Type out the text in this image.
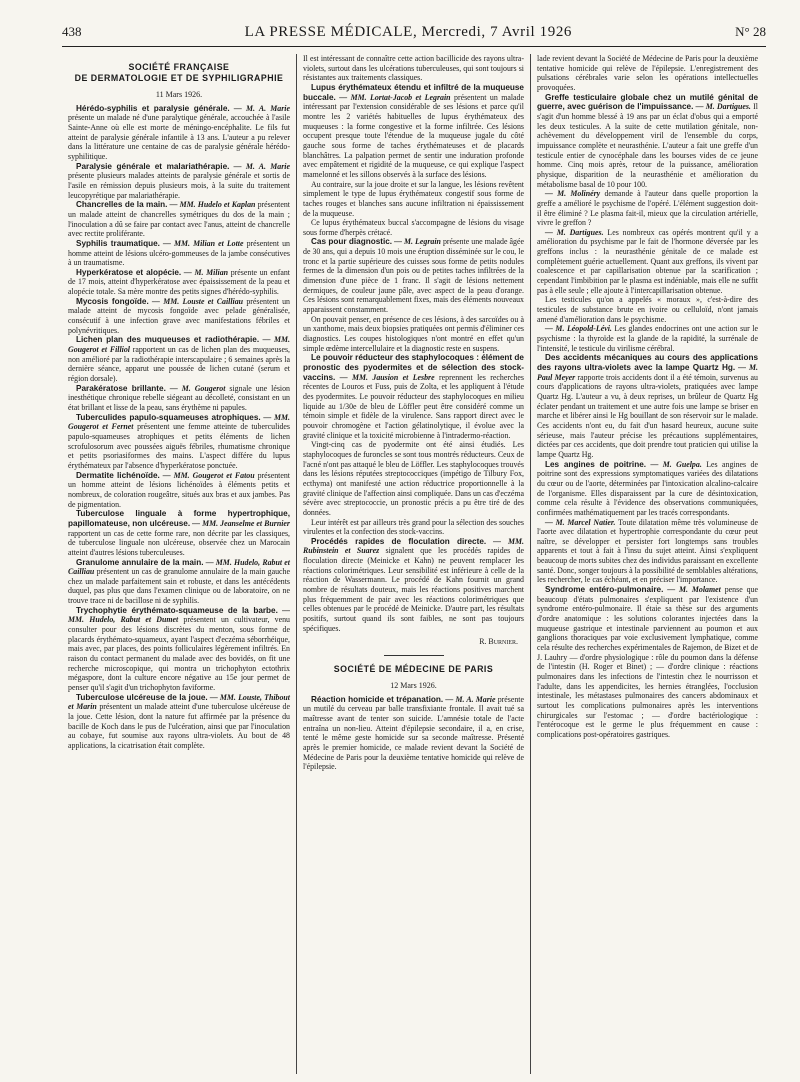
438	LA PRESSE MÉDICALE, Mercredi, 7 Avril 1926	N° 28
SOCIÉTÉ FRANÇAISE
DE DERMATOLOGIE ET DE SYPHILIGRAPHIE
11 Mars 1926.

Hérédo-syphilis et paralysie générale. — M. A. Marie présente un malade né d'une paralytique générale, accouchée à l'asile Sainte-Anne où elle est morte de méningo-encéphalite. Le fils fut atteint de paralysie générale infantile à 13 ans. L'auteur a pu relever dans la littérature une centaine de cas de paralysie générale hérédo-syphilitique.

Paralysie générale et malariathérapie. — M. A. Marie présente plusieurs malades atteints de paralysie générale et sortis de l'asile en rémission depuis plusieurs mois, à la suite du traitement leucopyrétique par malariathérapie.

Chancrelles de la main. — MM. Hudelo et Kaplan présentent un malade atteint de chancrelles symétriques du dos de la main ; l'inoculation a dû se faire par contact avec l'anus, atteint de chancrelle avec rectite proliférante.

Syphilis traumatique. — MM. Milian et Lotte présentent un homme atteint de lésions ulcéro-gommeuses de la jambe consécutives à un traumatisme.

Hyperkératose et alopécie. — M. Milian présente un enfant de 17 mois, atteint d'hyperkératose avec épaississement de la peau et alopécie totale. Sa mère montre des petits signes d'hérédo-syphilis.

Mycosis fongoïde. — MM. Louste et Cailliau présentent un malade atteint de mycosis fongoïde avec pelade généralisée, consécutif à une infection grave avec manifestations fébriles et polynévritiques.

Lichen plan des muqueuses et radiothérapie. — MM. Gougerot et Filliol rapportent un cas de lichen plan des muqueuses, non amélioré par la radiothérapie interscapulaire ; 6 semaines après la dernière séance, apparut une poussée de lichen cutané (serum et région dorsale).

Parakératose brillante. — M. Gougerot signale une lésion inesthétique chronique rebelle siégeant au décolleté, consistant en un état brillant et lisse de la peau, sans érythème ni papules.

Tuberculides papulo-squameuses atrophiques. — MM. Gougerot et Fernet présentent une femme atteinte de tuberculides papulo-squameuses atrophiques et petits éléments de lichen scrofulosorum avec poussées aiguës fébriles, rhumatisme chronique et petits psoriasiformes des mains. L'aspect différe du lupus érythémateux par l'absence d'hyperkératose ponctuée.

Dermatite lichénoïde. — MM. Gougerot et Fatou présentent un homme atteint de lésions lichénoïdes à éléments petits et nombreux, de coloration rougeâtre, situés aux bras et aux jambes. Pas de pigmentation.

Tuberculose linguale à forme hypertrophique, papillomateuse, non ulcéreuse. — MM. Jeanselme et Burnier rapportent un cas de cette forme rare, non décrite par les classiques, de tuberculose linguale non ulcéreuse, observée chez un Marocain atteint d'autres lésions tuberculeuses.

Granulome annulaire de la main. — MM. Hudelo, Rabut et Cailliau présentent un cas de granulome annulaire de la main gauche chez un malade parfaitement sain et robuste, et dans les antécédents duquel, pas plus que dans l'examen clinique ou de laboratoire, on ne trouve trace ni de bacillose ni de syphilis.

Trychophytie érythémato-squameuse de la barbe. — MM. Hudelo, Rabut et Dumet présentent un cultivateur, venu consulter pour des lésions discrètes du menton, sous forme de placards érythémato-squameux, ayant l'aspect d'eczéma séborrhéique, mais avec, par places, des points folliculaires légèrement infiltrés. En raison du contact permanent du malade avec des bovidés, on fit une recherche microscopique, qui montra un trichophyton ectothrix mégaspore, dont la culture encore négative au 15e jour permet de penser qu'il s'agit d'un trichophyton faviforme.

Tuberculose ulcéreuse de la joue. — MM. Louste, Thibout et Marin présentent un malade atteint d'une tuberculose ulcéreuse de la joue. Cette lésion, dont la nature fut affirmée par la présence du bacille de Koch dans le pus de l'ulcération, ainsi que par l'inoculation au cobaye, fut soumise aux rayons ultra-violets. Au bout de 48 applications, la cicatrisation était complète.

Il est intéressant de connaître cette action bacillicide des rayons ultra-violets, surtout dans les ulcérations tuberculeuses, qui sont toujours si résistantes aux traitements classiques.

Lupus érythémateux étendu et infiltré de la muqueuse buccale. — MM. Lortat-Jacob et Legrain présentent un malade intéressant par l'extension considérable de ses lésions et parce qu'il montre les 2 variétés habituelles de lupus érythémateux des muqueuses : la forme congestive et la forme infiltrée. Ces lésions occupent presque toute l'étendue de la muqueuse jugale du côté gauche sous forme de taches érythémateuses et de placards blanchâtres. La palpation permet de sentir une induration profonde avec empâtement et rigidité de la muqueuse, ce qui explique l'aspect mamelonné et les sillons observés à la surface des lésions.

Au contraire, sur la joue droite et sur la langue, les lésions revêtent simplement le type de lupus érythémateux congestif sous forme de taches rouges et blanches sans aucune infiltration ni épaississement de la muqueuse.

Ce lupus érythémateux buccal s'accompagne de lésions du visage sous forme d'herpès crétacé.

Cas pour diagnostic. — M. Legrain présente une malade âgée de 30 ans, qui a depuis 10 mois une éruption disséminée sur le cou, le tronc et la partie supérieure des cuisses sous forme de petits nodules fermes de la dimension d'un pois ou de petites taches infiltrées de la dimension d'une pièce de 1 franc. Il s'agit de lésions nettement dermiques, de couleur jaune pâle, avec aspect de la peau d'orange. Ces lésions sont remarquablement fixes, mais des éléments nouveaux apparaissent constamment.

On pouvait penser, en présence de ces lésions, à des sarcoïdes ou à un xanthome, mais deux biopsies pratiquées ont permis d'éliminer ces diagnostics. Les coupes histologiques n'ont montré en effet qu'un simple œdème intercellulaire et la diagnostic reste en suspens.

Le pouvoir réducteur des staphylocoques : élément de pronostic des pyodermites et de sélection des stock-vaccins. — MM. Jausion et Lesbre reprennent les recherches récentes de Louros et Fuss, puis de Zolta, et les appliquent à l'étude des pyodermites. Le pouvoir réducteur des staphylocoques en milieu liquide au 1/30e de bleu de Löffler peut être considéré comme un témoin simple et fidèle de la virulence. Sans rapport direct avec le pouvoir chromogène et l'action gélatinolytique, il évolue avec la gravité clinique et la toxicité microbienne à l'intradermo-réaction.

Vingt-cinq cas de pyodermite ont été ainsi étudiés. Les staphylocoques de furoncles se sont tous montrés réducteurs. Ceux de l'acné n'ont pas attaqué le bleu de Löffler. Les staphylocoques trouvés dans les lésions réputées streptococciques (impétigo de Tilbury Fox, ecthyma) ont manifesté une action réductrice proportionnelle à la gravité clinique de l'affection ainsi compliquée. Dans un cas d'eczéma sévère avec streptococcie, un pronostic précis a pu être tiré de des données.

Leur intérêt est par ailleurs très grand pour la sélection des souches virulentes et la confection des stock-vaccins.

Procédés rapides de floculation directe. — MM. Rubinstein et Suarez signalent que les procédés rapides de floculation directe (Meinicke et Kahn) ne peuvent remplacer les réactions colorimétriques. Leur sensibilité est inférieure à celle de la réaction de Wassermann. Le procédé de Kahn fournit un grand nombre de résultats douteux, mais les réactions positives marchent plus fréquemment de pair avec les réactions colorimétriques que celles obtenues par le procédé de Meinicke. D'autre part, les résultats positifs, surtout quand ils sont faibles, ne sont pas toujours spécifiques.

R. Burnier.
SOCIÉTÉ DE MÉDECINE DE PARIS
12 Mars 1926.

Réaction homicide et trépanation. — M. A. Marie présente un mutilé du cerveau par balle transfixiante frontale. Il avait tué sa maîtresse avant de tenter son suicide. L'amnésie totale de l'acte entraîna un non-lieu. Atteint d'épilepsie secondaire, il a, en crise, tenté le même geste homicide sur sa seconde maîtresse. Présenté après le premier homicide, ce malade revient devant la Société de Médecine de Paris pour la deuxième tentative homicide qui relève de l'épilepsie.

lade revient devant la Société de Médecine de Paris pour la deuxième tentative homicide qui relève de l'épilepsie. L'enregistrement des pulsations cérébrales varie selon les opérations intellectuelles provoquées.

Greffe testiculaire globale chez un mutilé génital de guerre, avec guérison de l'impuissance. — M. Dartigues. Il s'agit d'un homme blessé à 19 ans par un éclat d'obus qui a emporté les deux testicules. A la suite de cette mutilation génitale, non-achèvement du développement viril de l'ensemble du corps, impuissance complète et neurasthénie. L'auteur a fait une greffe d'un testicule entier de cynocéphale dans les bourses vides de ce jeune homme. Cinq mois après, retour de la puissance, amélioration physique, disparition de la neurasthénie et amélioration du métabolisme basal de 10 pour 100.

— M. Molinéry demande à l'auteur dans quelle proportion la greffe a amélioré le psychisme de l'opéré. L'élément suggestion doit-il être éliminé ? Le plasma fait-il, mieux que la circulation artérielle, vivre le greffon ?

— M. Dartigues. Les nombreux cas opérés montrent qu'il y a amélioration du psychisme par le fait de l'hormone déversée par les greffons inclus : la neurasthénie génitale de ce malade est complètement guérie actuellement. Quant aux greffons, ils vivent par coalescence et par capillarisation obtenue par la scarification ; cependant l'imbibition par le plasma est indéniable, mais elle ne suffit pas à elle seule ; elle ajoute à l'intercapillarisation obtenue.

Les testicules qu'on a appelés « moraux », c'est-à-dire des testicules de substance brute en ivoire ou celluloïd, n'ont jamais amené d'amélioration dans le psychisme.

— M. Léopold-Lévi. Les glandes endocrines ont une action sur le psychisme : la thyroïde est la glande de la rapidité, la surrénale de l'intensité, le testicule du virilisme cérébral.

Des accidents mécaniques au cours des applications des rayons ultra-violets avec la lampe Quartz Hg. — M. Paul Meyer rapporte trois accidents dont il a été témoin, survenus au cours d'applications de rayons ultra-violets, pratiquées avec lampe Quartz Hg. L'auteur a vu, à deux reprises, un brûleur de Quartz Hg éclater pendant un traitement et une autre fois une lampe se briser en marche et libérer ainsi le Hg bouillant de son réservoir sur le malade. Ces accidents n'ont eu, du fait d'un hasard heureux, aucune suite sérieuse, mais l'auteur précise les précautions supplémentaires, dictées par ces accidents, que doit prendre tout praticien qui utilise la lampe Quartz Hg.

Les angines de poitrine. — M. Guelpa. Les angines de poitrine sont des expressions symptomatiques variées des dilatations du cœur ou de l'aorte, déterminées par l'intoxication alcalino-calcaire de l'organisme. Elles disparaissent par la cure de désintoxication, comme cela résulte à l'évidence des observations communiquées, confirmées mathématiquement par les tracés correspondants.

— M. Marcel Natier. Toute dilatation même très volumineuse de l'aorte avec dilatation et hypertrophie correspondante du cœur peut naître, se développer et persister fort longtemps sans troubles apparents et tout à fait à l'insu du sujet atteint. Ainsi s'expliquent beaucoup de morts subites chez des individus paraissant en excellente santé. Donc, songer toujours à la possibilité de semblables altérations, les rechercher, le cas échéant, et en préciser l'importance.

Syndrome entéro-pulmonaire. — M. Molamet pense que beaucoup d'états pulmonaires s'expliquent par l'existence d'un syndrome entéro-pulmonaire. Il étaie sa thèse sur des arguments d'ordre anatomique : les solutions colorantes injectées dans la muqueuse gastrique et intestinale parviennent au poumon et aux ganglions thoraciques par voie exclusivement lymphatique, comme cela résulte des recherches expérimentales de Rajemon, de Bizet et de J. Lauhry — d'ordre physiologique : rôle du poumon dans la défense de l'intestin (H. Roger et Binet) ; — d'ordre clinique : réactions pulmonaires dans les infections de l'intestin chez le nourrisson et l'adulte, dans les appendicites, les hernies étranglées, l'occlusion intestinale, les métastases pulmonaires des cancers abdominaux et surtout les complications pulmonaires après les interventions chirurgicales sur l'estomac ; — d'ordre bactériologique : l'entérocoque est le germe le plus fréquemment en cause : complications post-opératoires gastriques.
